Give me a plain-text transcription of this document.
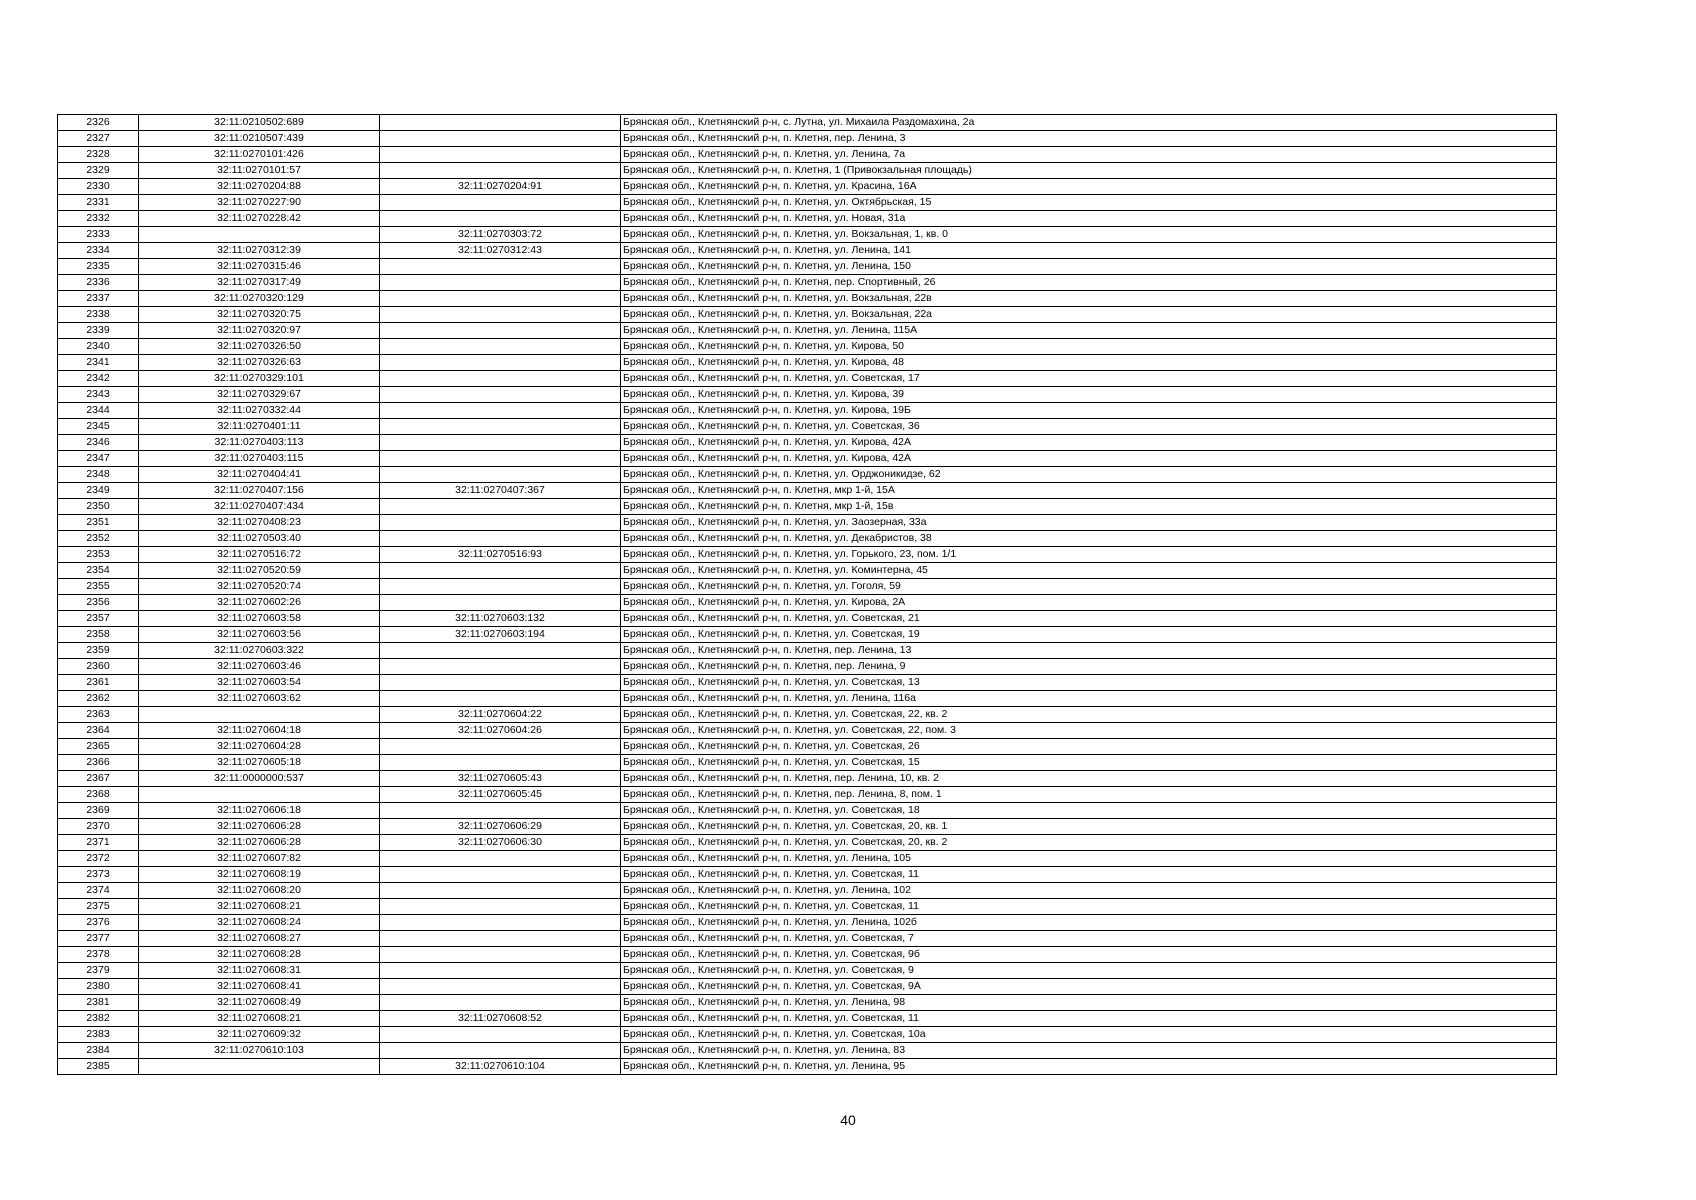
2326	32:11:0210502:689		Брянская обл., Клетнянский р-н, с. Лутна, ул. Михаила Раздомахина, 2а
2327	32:11:0210507:439		Брянская обл., Клетнянский р-н, п. Клетня, пер. Ленина, 3
2328	32:11:0270101:426		Брянская обл., Клетнянский р-н, п. Клетня, ул. Ленина, 7а
2329	32:11:0270101:57		Брянская обл., Клетнянский р-н, п. Клетня, 1 (Привокзальная площадь)
2330	32:11:0270204:88	32:11:0270204:91	Брянская обл., Клетнянский р-н, п. Клетня, ул. Красина, 16А
2331	32:11:0270227:90		Брянская обл., Клетнянский р-н, п. Клетня, ул. Октябрьская, 15
2332	32:11:0270228:42		Брянская обл., Клетнянский р-н, п. Клетня, ул. Новая, 31а
2333		32:11:0270303:72	Брянская обл., Клетнянский р-н, п. Клетня, ул. Вокзальная, 1, кв. 0
2334	32:11:0270312:39	32:11:0270312:43	Брянская обл., Клетнянский р-н, п. Клетня, ул. Ленина, 141
2335	32:11:0270315:46		Брянская обл., Клетнянский р-н, п. Клетня, ул. Ленина, 150
2336	32:11:0270317:49		Брянская обл., Клетнянский р-н, п. Клетня, пер. Спортивный, 26
2337	32:11:0270320:129		Брянская обл., Клетнянский р-н, п. Клетня, ул. Вокзальная, 22в
2338	32:11:0270320:75		Брянская обл., Клетнянский р-н, п. Клетня, ул. Вокзальная, 22а
2339	32:11:0270320:97		Брянская обл., Клетнянский р-н, п. Клетня, ул. Ленина, 115А
2340	32:11:0270326:50		Брянская обл., Клетнянский р-н, п. Клетня, ул. Кирова, 50
2341	32:11:0270326:63		Брянская обл., Клетнянский р-н, п. Клетня, ул. Кирова, 48
2342	32:11:0270329:101		Брянская обл., Клетнянский р-н, п. Клетня, ул. Советская, 17
2343	32:11:0270329:67		Брянская обл., Клетнянский р-н, п. Клетня, ул. Кирова, 39
2344	32:11:0270332:44		Брянская обл., Клетнянский р-н, п. Клетня, ул. Кирова, 19Б
2345	32:11:0270401:11		Брянская обл., Клетнянский р-н, п. Клетня, ул. Советская, 36
2346	32:11:0270403:113		Брянская обл., Клетнянский р-н, п. Клетня, ул. Кирова, 42А
2347	32:11:0270403:115		Брянская обл., Клетнянский р-н, п. Клетня, ул. Кирова, 42А
2348	32:11:0270404:41		Брянская обл., Клетнянский р-н, п. Клетня, ул. Орджоникидзе, 62
2349	32:11:0270407:156	32:11:0270407:367	Брянская обл., Клетнянский р-н, п. Клетня, мкр 1-й, 15А
2350	32:11:0270407:434		Брянская обл., Клетнянский р-н, п. Клетня, мкр 1-й, 15в
2351	32:11:0270408:23		Брянская обл., Клетнянский р-н, п. Клетня, ул. Заозерная, 33а
2352	32:11:0270503:40		Брянская обл., Клетнянский р-н, п. Клетня, ул. Декабристов, 38
2353	32:11:0270516:72	32:11:0270516:93	Брянская обл., Клетнянский р-н, п. Клетня, ул. Горького, 23, пом. 1/1
2354	32:11:0270520:59		Брянская обл., Клетнянский р-н, п. Клетня, ул. Коминтерна, 45
2355	32:11:0270520:74		Брянская обл., Клетнянский р-н, п. Клетня, ул. Гоголя, 59
2356	32:11:0270602:26		Брянская обл., Клетнянский р-н, п. Клетня, ул. Кирова, 2А
2357	32:11:0270603:58	32:11:0270603:132	Брянская обл., Клетнянский р-н, п. Клетня, ул. Советская, 21
2358	32:11:0270603:56	32:11:0270603:194	Брянская обл., Клетнянский р-н, п. Клетня, ул. Советская, 19
2359	32:11:0270603:322		Брянская обл., Клетнянский р-н, п. Клетня, пер. Ленина, 13
2360	32:11:0270603:46		Брянская обл., Клетнянский р-н, п. Клетня, пер. Ленина, 9
2361	32:11:0270603:54		Брянская обл., Клетнянский р-н, п. Клетня, ул. Советская, 13
2362	32:11:0270603:62		Брянская обл., Клетнянский р-н, п. Клетня, ул. Ленина, 116а
2363		32:11:0270604:22	Брянская обл., Клетнянский р-н, п. Клетня, ул. Советская, 22, кв. 2
2364	32:11:0270604:18	32:11:0270604:26	Брянская обл., Клетнянский р-н, п. Клетня, ул. Советская, 22, пом. 3
2365	32:11:0270604:28		Брянская обл., Клетнянский р-н, п. Клетня, ул. Советская, 26
2366	32:11:0270605:18		Брянская обл., Клетнянский р-н, п. Клетня, ул. Советская, 15
2367	32:11:0000000:537	32:11:0270605:43	Брянская обл., Клетнянский р-н, п. Клетня, пер. Ленина, 10, кв. 2
2368		32:11:0270605:45	Брянская обл., Клетнянский р-н, п. Клетня, пер. Ленина, 8, пом. 1
2369	32:11:0270606:18		Брянская обл., Клетнянский р-н, п. Клетня, ул. Советская, 18
2370	32:11:0270606:28	32:11:0270606:29	Брянская обл., Клетнянский р-н, п. Клетня, ул. Советская, 20, кв. 1
2371	32:11:0270606:28	32:11:0270606:30	Брянская обл., Клетнянский р-н, п. Клетня, ул. Советская, 20, кв. 2
2372	32:11:0270607:82		Брянская обл., Клетнянский р-н, п. Клетня, ул. Ленина, 105
2373	32:11:0270608:19		Брянская обл., Клетнянский р-н, п. Клетня, ул. Советская, 11
2374	32:11:0270608:20		Брянская обл., Клетнянский р-н, п. Клетня, ул. Ленина, 102
2375	32:11:0270608:21		Брянская обл., Клетнянский р-н, п. Клетня, ул. Советская, 11
2376	32:11:0270608:24		Брянская обл., Клетнянский р-н, п. Клетня, ул. Ленина, 102б
2377	32:11:0270608:27		Брянская обл., Клетнянский р-н, п. Клетня, ул. Советская, 7
2378	32:11:0270608:28		Брянская обл., Клетнянский р-н, п. Клетня, ул. Советская, 9б
2379	32:11:0270608:31		Брянская обл., Клетнянский р-н, п. Клетня, ул. Советская, 9
2380	32:11:0270608:41		Брянская обл., Клетнянский р-н, п. Клетня, ул. Советская, 9А
2381	32:11:0270608:49		Брянская обл., Клетнянский р-н, п. Клетня, ул. Ленина, 98
2382	32:11:0270608:21	32:11:0270608:52	Брянская обл., Клетнянский р-н, п. Клетня, ул. Советская, 11
2383	32:11:0270609:32		Брянская обл., Клетнянский р-н, п. Клетня, ул. Советская, 10а
2384	32:11:0270610:103		Брянская обл., Клетнянский р-н, п. Клетня, ул. Ленина, 83
2385		32:11:0270610:104	Брянская обл., Клетнянский р-н, п. Клетня, ул. Ленина, 95
40
